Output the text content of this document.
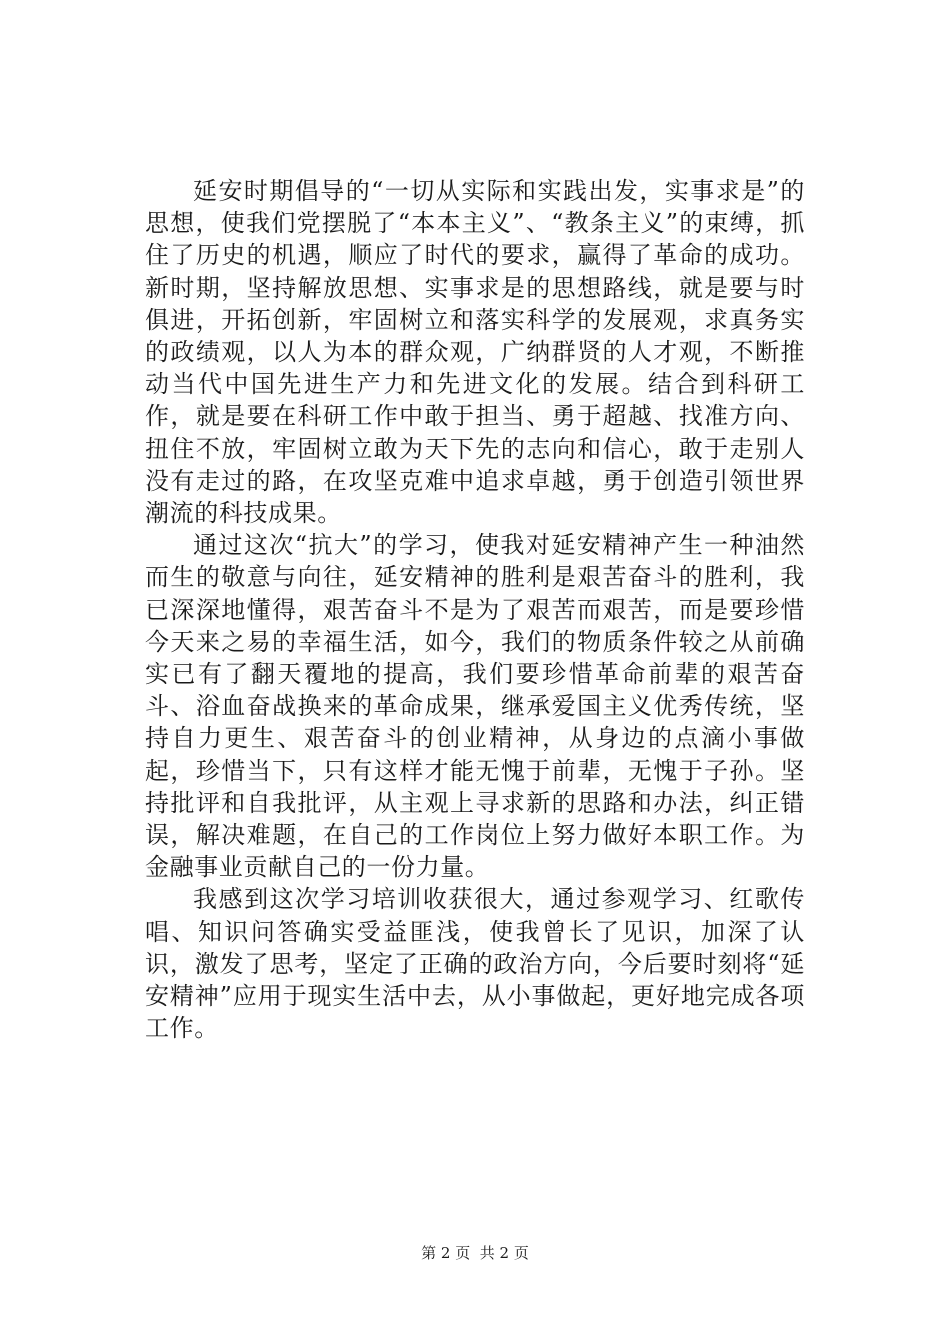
延安时期倡导的“一切从实际和实践出发，实事求是”的思想，使我们党摆脱了“本本主义”、“教条主义”的束缚，抓住了历史的机遇，顺应了时代的要求，赢得了革命的成功。新时期，坚持解放思想、实事求是的思想路线，就是要与时俱进，开拓创新，牢固树立和落实科学的发展观，求真务实的政绩观，以人为本的群众观，广纳群贤的人才观，不断推动当代中国先进生产力和先进文化的发展。结合到科研工作，就是要在科研工作中敢于担当、勇于超越、找准方向、扭住不放，牢固树立敢为天下先的志向和信心，敢于走别人没有走过的路，在攻坚克难中追求卓越，勇于创造引领世界潮流的科技成果。

通过这次“抗大”的学习，使我对延安精神产生一种油然而生的敬意与向往，延安精神的胜利是艰苦奋斗的胜利，我已深深地懂得，艰苦奋斗不是为了艰苦而艰苦，而是要珍惜今天来之易的幸福生活，如今，我们的物质条件较之从前确实已有了翻天覆地的提高，我们要珍惜革命前辈的艰苦奋斗、浴血奋战换来的革命成果，继承爱国主义优秀传统，坚持自力更生、艰苦奋斗的创业精神，从身边的点滴小事做起，珍惜当下，只有这样才能无愧于前辈，无愧于子孙。坚持批评和自我批评，从主观上寻求新的思路和办法，纠正错误，解决难题，在自己的工作岗位上努力做好本职工作。为金融事业贡献自己的一份力量。

我感到这次学习培训收获很大，通过参观学习、红歌传唱、知识问答确实受益匪浅，使我曾长了见识，加深了认识，激发了思考，坚定了正确的政治方向，今后要时刻将“延安精神”应用于现实生活中去，从小事做起，更好地完成各项工作。

第 2 页  共 2 页
